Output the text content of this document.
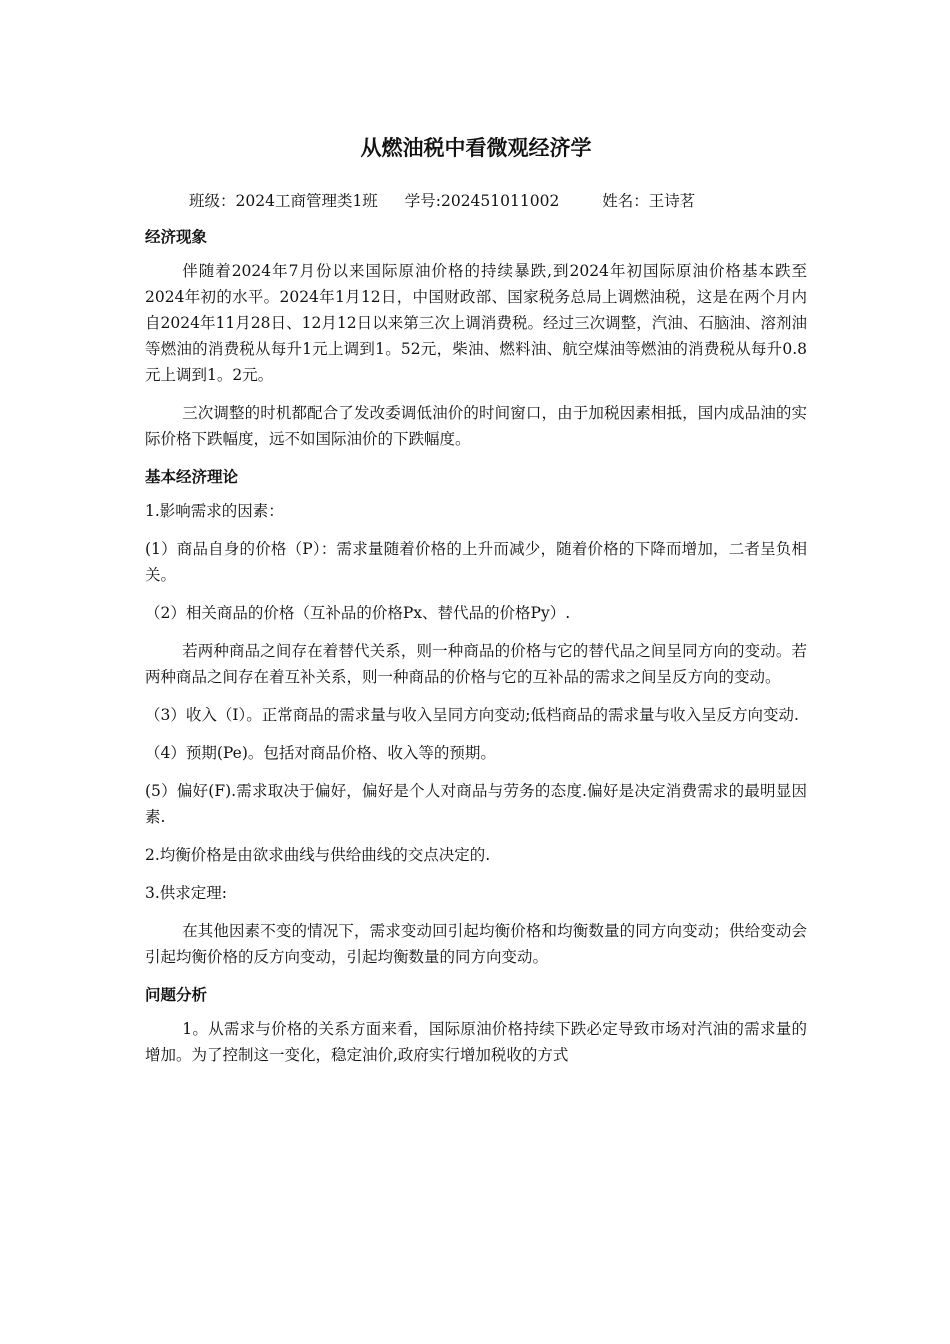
从燃油税中看微观经济学
班级：2024工商管理类1班 学号:202451011002	姓名：王诗茗
经济现象

伴随着2024年7月份以来国际原油价格的持续暴跌,到2024年初国际原油价格基本跌至2024年初的水平。2024年1月12日，中国财政部、国家税务总局上调燃油税，这是在两个月内自2024年11月28日、12月12日以来第三次上调消费税。经过三次调整，汽油、石脑油、溶剂油等燃油的消费税从每升1元上调到1。52元，柴油、燃料油、航空煤油等燃油的消费税从每升0.8元上调到1。2元。

三次调整的时机都配合了发改委调低油价的时间窗口，由于加税因素相抵，国内成品油的实际价格下跌幅度，远不如国际油价的下跌幅度。

基本经济理论

1.影响需求的因素：

(1）商品自身的价格（P）：需求量随着价格的上升而减少，随着价格的下降而增加，二者呈负相关。

（2）相关商品的价格（互补品的价格Px、替代品的价格Py）.

若两种商品之间存在着替代关系，则一种商品的价格与它的替代品之间呈同方向的变动。若两种商品之间存在着互补关系，则一种商品的价格与它的互补品的需求之间呈反方向的变动。

（3）收入（I）。正常商品的需求量与收入呈同方向变动;低档商品的需求量与收入呈反方向变动.

（4）预期(Pe)。包括对商品价格、收入等的预期。

(5）偏好(F).需求取决于偏好，偏好是个人对商品与劳务的态度.偏好是决定消费需求的最明显因素.

2.均衡价格是由欲求曲线与供给曲线的交点决定的.

3.供求定理:

在其他因素不变的情况下，需求变动回引起均衡价格和均衡数量的同方向变动；供给变动会引起均衡价格的反方向变动，引起均衡数量的同方向变动。

问题分析

1。从需求与价格的关系方面来看，国际原油价格持续下跌必定导致市场对汽油的需求量的增加。为了控制这一变化，稳定油价,政府实行增加税收的方式
